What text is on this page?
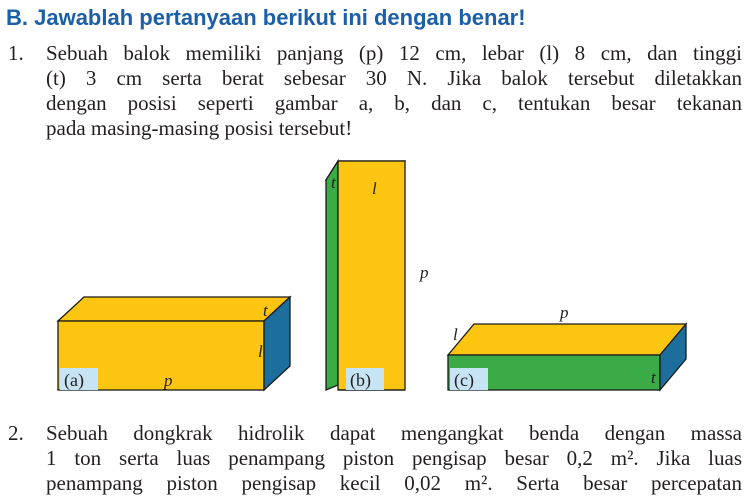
B. Jawablah pertanyaan berikut ini dengan benar!
1. Sebuah balok memiliki panjang (p) 12 cm, lebar (l) 8 cm, dan tinggi
(t) 3 cm serta berat sebesar 30 N. Jika balok tersebut diletakkan
dengan posisi seperti gambar a, b, dan c, tentukan besar tekanan
pada masing-masing posisi tersebut!
(a)	p
l
t
(b)
p
l
t
(c)
p
l
t
2. Sebuah dongkrak hidrolik dapat mengangkat benda dengan massa
1 ton serta luas penampang piston pengisap besar 0,2 m². Jika luas
penampang piston pengisap kecil 0,02 m². Serta besar percepatan
